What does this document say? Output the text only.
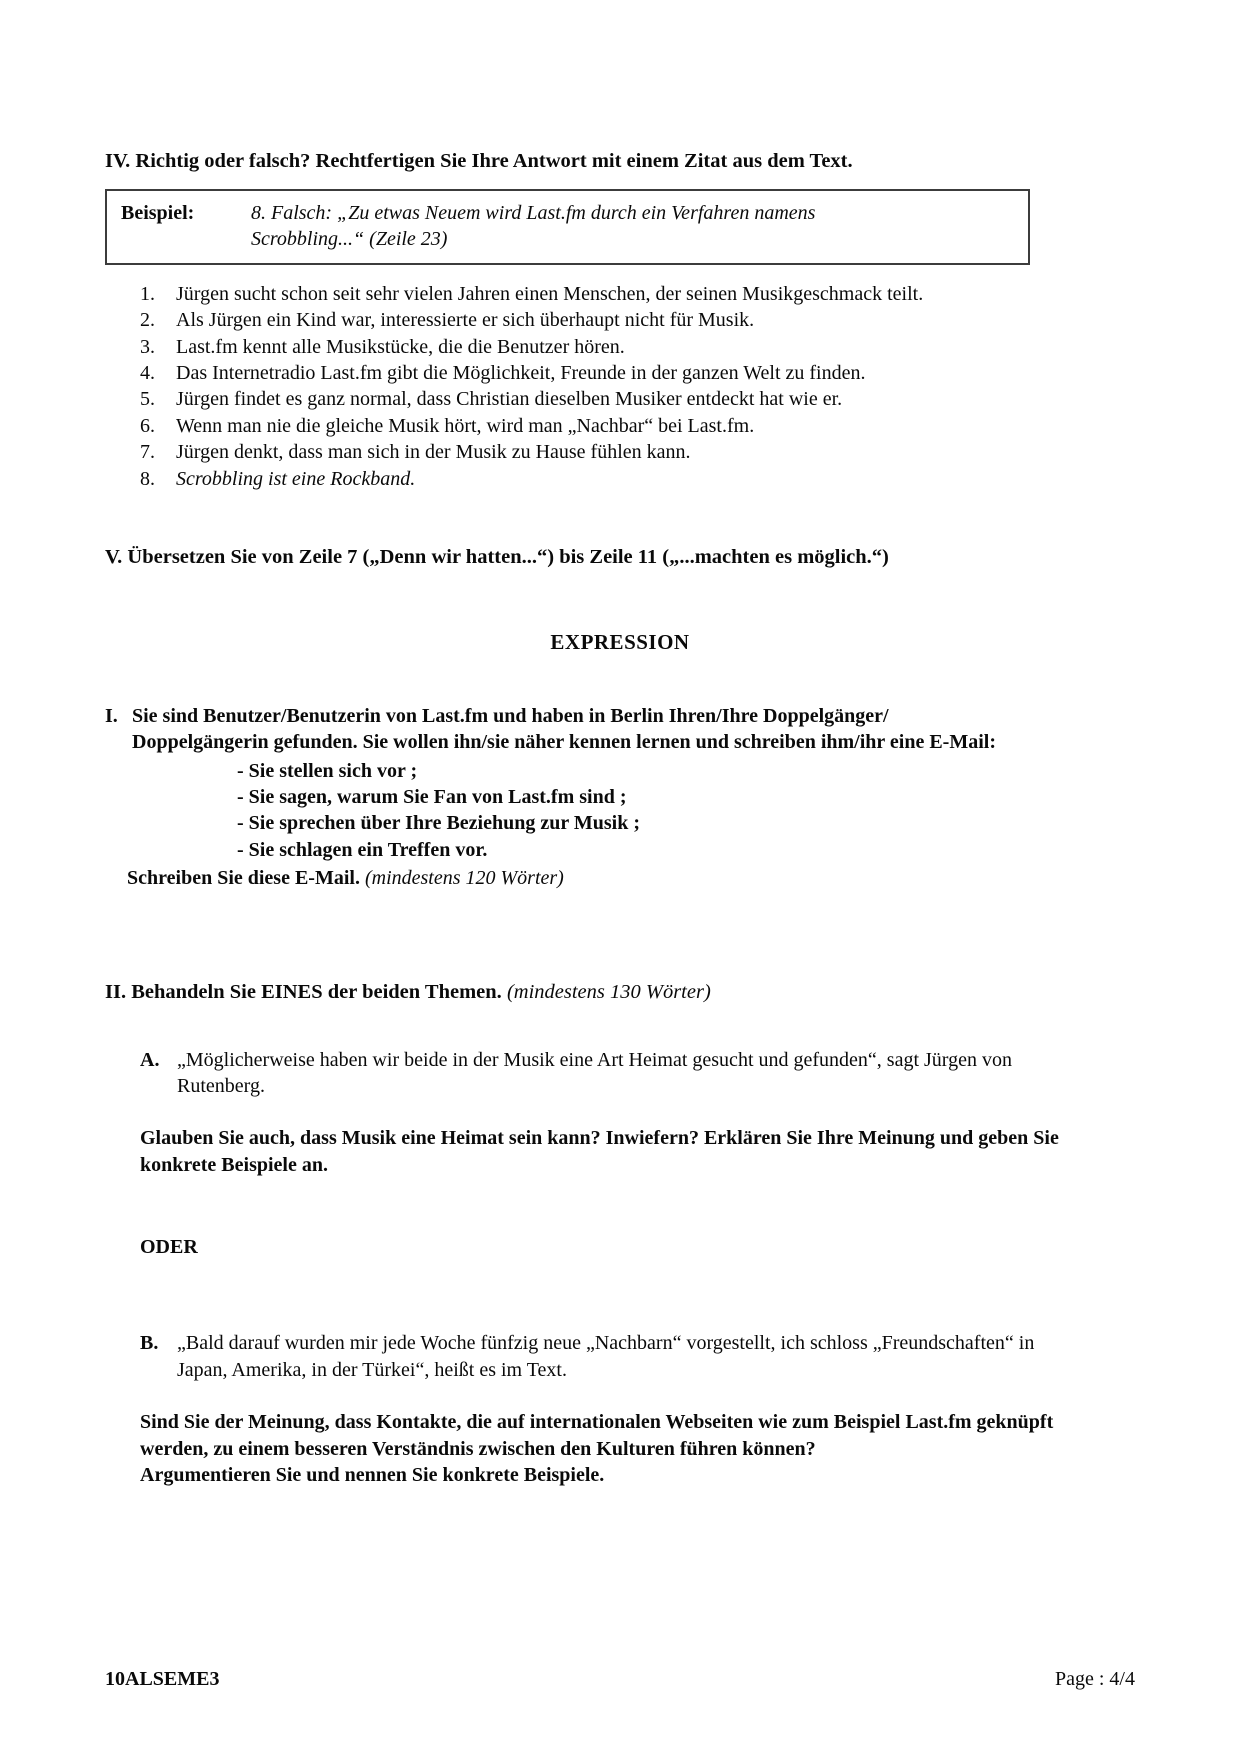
IV. Richtig oder falsch? Rechtfertigen Sie Ihre Antwort mit einem Zitat aus dem Text.
Beispiel:	8. Falsch: „Zu etwas Neuem wird Last.fm durch ein Verfahren namens Scrobbling...“ (Zeile 23)
1.	Jürgen sucht schon seit sehr vielen Jahren einen Menschen, der seinen Musikgeschmack teilt.
2.	Als Jürgen ein Kind war, interessierte er sich überhaupt nicht für Musik.
3.	Last.fm kennt alle Musikstücke, die die Benutzer hören.
4.	Das Internetradio Last.fm gibt die Möglichkeit, Freunde in der ganzen Welt zu finden.
5.	Jürgen findet es ganz normal, dass Christian dieselben Musiker entdeckt hat wie er.
6.	Wenn man nie die gleiche Musik hört, wird man „Nachbar“ bei Last.fm.
7.	Jürgen denkt, dass man sich in der Musik zu Hause fühlen kann.
8.	Scrobbling ist eine Rockband.
V. Übersetzen Sie von Zeile 7 („Denn wir hatten...“) bis Zeile 11 („...machten es möglich.“)
EXPRESSION
I. Sie sind Benutzer/Benutzerin von Last.fm und haben in Berlin Ihren/Ihre Doppelgänger/ Doppelgängerin gefunden. Sie wollen ihn/sie näher kennen lernen und schreiben ihm/ihr eine E-Mail:
- Sie stellen sich vor ;
- Sie sagen, warum Sie Fan von Last.fm sind ;
- Sie sprechen über Ihre Beziehung zur Musik ;
- Sie schlagen ein Treffen vor.
Schreiben Sie diese E-Mail. (mindestens 120 Wörter)
II. Behandeln Sie EINES der beiden Themen. (mindestens 130 Wörter)
A. „Möglicherweise haben wir beide in der Musik eine Art Heimat gesucht und gefunden“, sagt Jürgen von Rutenberg.
Glauben Sie auch, dass Musik eine Heimat sein kann? Inwiefern? Erklären Sie Ihre Meinung und geben Sie konkrete Beispiele an.
ODER
B. „Bald darauf wurden mir jede Woche fünfzig neue „Nachbarn“ vorgestellt, ich schloss „Freundschaften“ in Japan, Amerika, in der Türkei“, heißt es im Text.
Sind Sie der Meinung, dass Kontakte, die auf internationalen Webseiten wie zum Beispiel Last.fm geknüpft werden, zu einem besseren Verständnis zwischen den Kulturen führen können?
Argumentieren Sie und nennen Sie konkrete Beispiele.
10ALSEME3	Page : 4/4
